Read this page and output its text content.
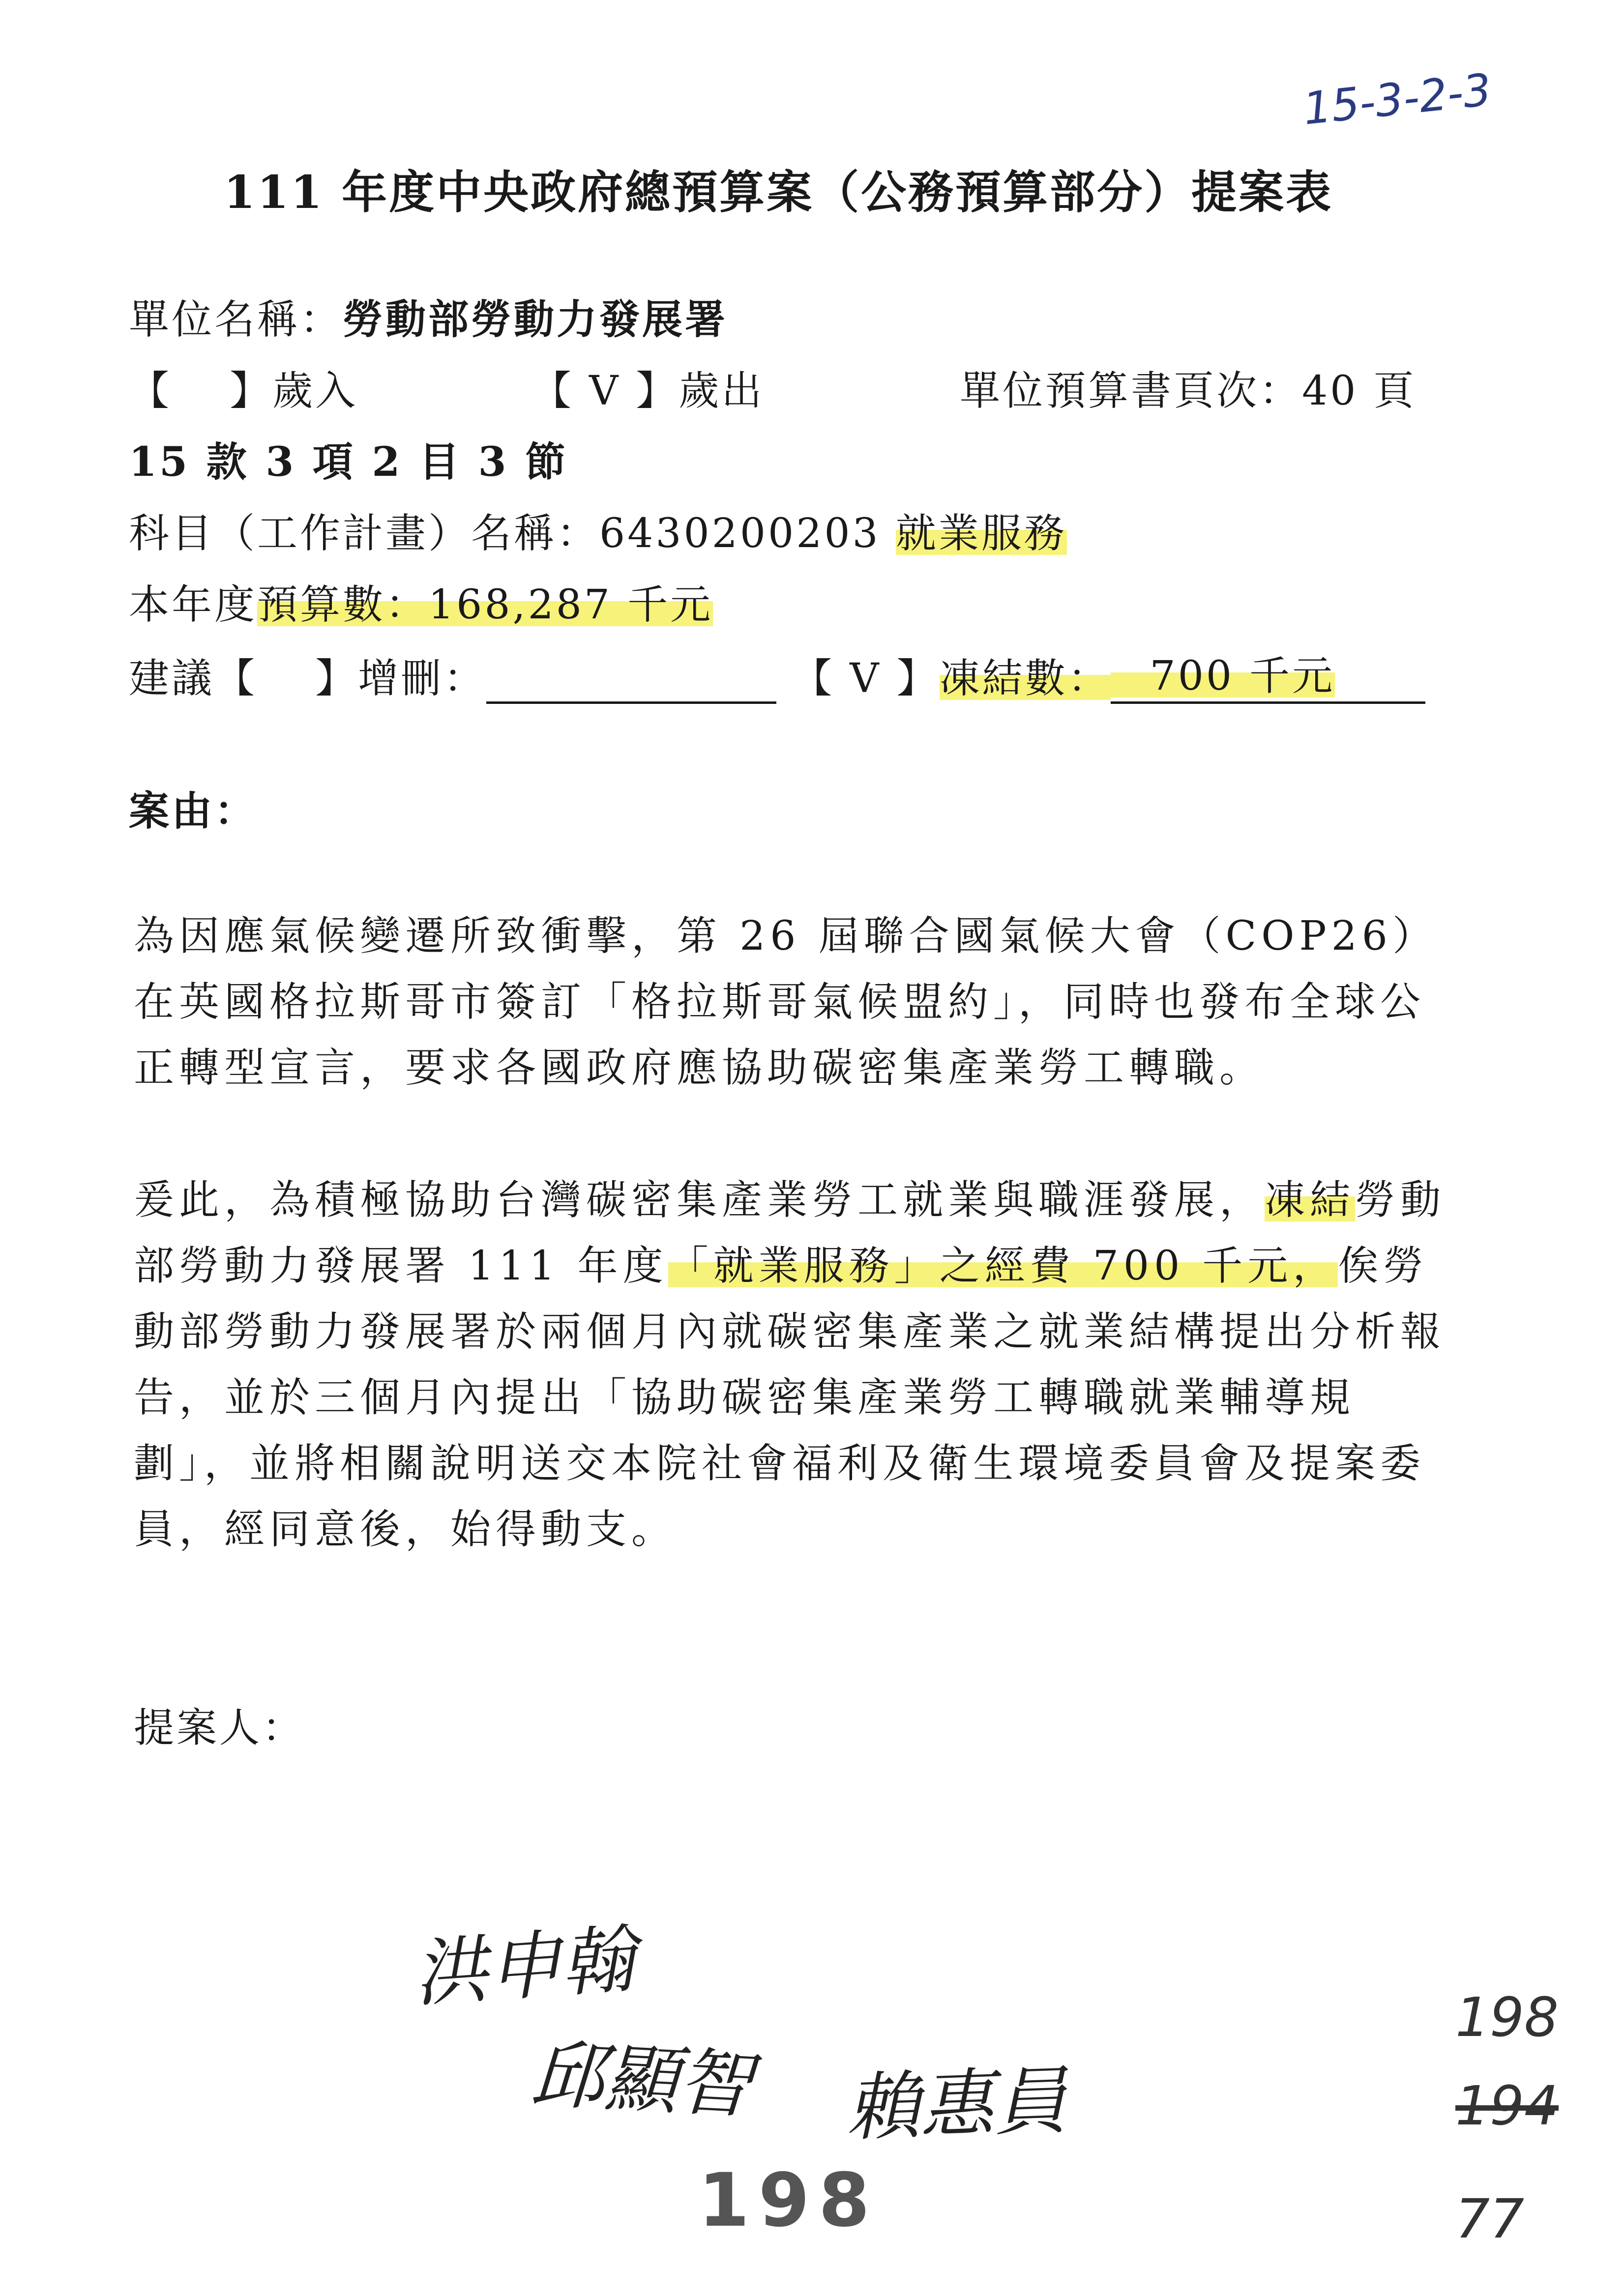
15-3-2-3
111 年度中央政府總預算案（公務預算部分）提案表
單位名稱：勞動部勞動力發展署
【　 】歲入	【 V 】歲出	單位預算書頁次：40 頁
15 款 3 項 2 目 3 節
科目（工作計畫）名稱：6430200203 就業服務
本年度預算數：168,287 千元
建議【　 】增刪：	【 V 】凍結數： 700 千元
案由：
為因應氣候變遷所致衝擊，第 26 屆聯合國氣候大會（COP26）在英國格拉斯哥市簽訂「格拉斯哥氣候盟約」，同時也發布全球公正轉型宣言，要求各國政府應協助碳密集產業勞工轉職。
爰此，為積極協助台灣碳密集產業勞工就業與職涯發展，凍結勞動部勞動力發展署 111 年度「就業服務」之經費 700 千元，俟勞動部勞動力發展署於兩個月內就碳密集產業之就業結構提出分析報告，並於三個月內提出「協助碳密集產業勞工轉職就業輔導規劃」，並將相關說明送交本院社會福利及衛生環境委員會及提案委員，經同意後，始得動支。
提案人：
洪申翰
邱顯智 賴惠員
198
198
194
77
